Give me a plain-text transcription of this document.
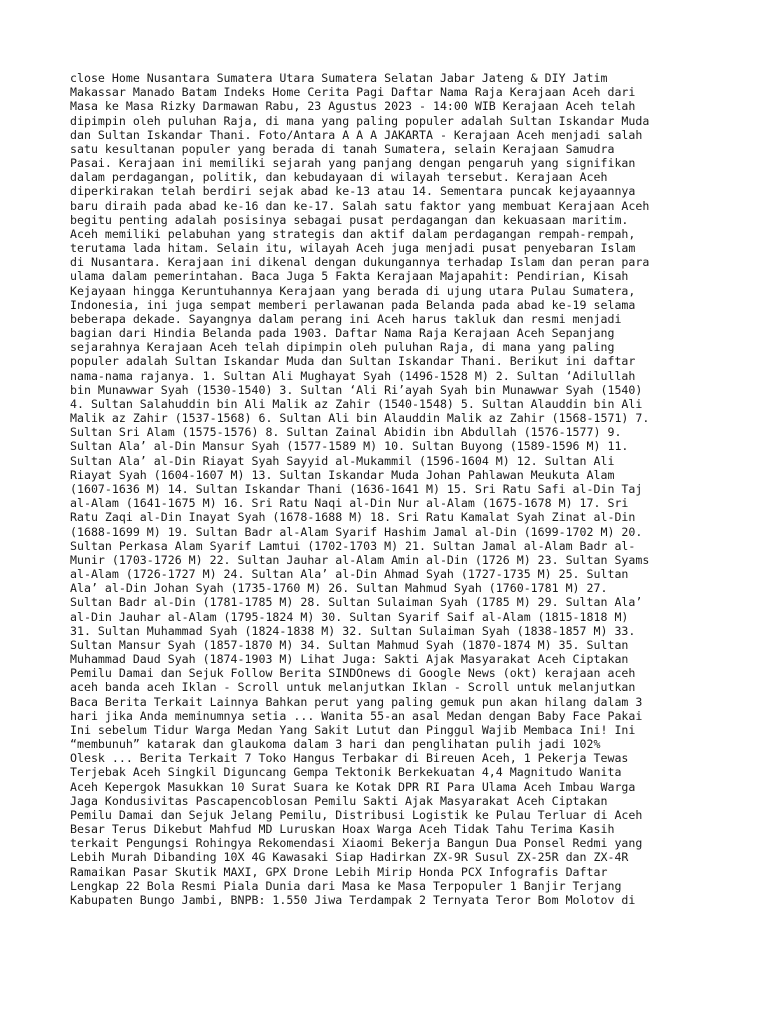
close Home Nusantara Sumatera Utara Sumatera Selatan Jabar Jateng & DIY Jatim
Makassar Manado Batam Indeks Home Cerita Pagi Daftar Nama Raja Kerajaan Aceh dari
Masa ke Masa Rizky Darmawan Rabu, 23 Agustus 2023 - 14:00 WIB Kerajaan Aceh telah
dipimpin oleh puluhan Raja, di mana yang paling populer adalah Sultan Iskandar Muda
dan Sultan Iskandar Thani. Foto/Antara A A A JAKARTA - Kerajaan Aceh menjadi salah
satu kesultanan populer yang berada di tanah Sumatera, selain Kerajaan Samudra
Pasai. Kerajaan ini memiliki sejarah yang panjang dengan pengaruh yang signifikan
dalam perdagangan, politik, dan kebudayaan di wilayah tersebut. Kerajaan Aceh
diperkirakan telah berdiri sejak abad ke-13 atau 14. Sementara puncak kejayaannya
baru diraih pada abad ke-16 dan ke-17. Salah satu faktor yang membuat Kerajaan Aceh
begitu penting adalah posisinya sebagai pusat perdagangan dan kekuasaan maritim.
Aceh memiliki pelabuhan yang strategis dan aktif dalam perdagangan rempah-rempah,
terutama lada hitam. Selain itu, wilayah Aceh juga menjadi pusat penyebaran Islam
di Nusantara. Kerajaan ini dikenal dengan dukungannya terhadap Islam dan peran para
ulama dalam pemerintahan. Baca Juga 5 Fakta Kerajaan Majapahit: Pendirian, Kisah
Kejayaan hingga Keruntuhannya Kerajaan yang berada di ujung utara Pulau Sumatera,
Indonesia, ini juga sempat memberi perlawanan pada Belanda pada abad ke-19 selama
beberapa dekade. Sayangnya dalam perang ini Aceh harus takluk dan resmi menjadi
bagian dari Hindia Belanda pada 1903. Daftar Nama Raja Kerajaan Aceh Sepanjang
sejarahnya Kerajaan Aceh telah dipimpin oleh puluhan Raja, di mana yang paling
populer adalah Sultan Iskandar Muda dan Sultan Iskandar Thani. Berikut ini daftar
nama-nama rajanya. 1. Sultan Ali Mughayat Syah (1496-1528 M) 2. Sultan ‘Adilullah
bin Munawwar Syah (1530-1540) 3. Sultan ‘Ali Ri’ayah Syah bin Munawwar Syah (1540)
4. Sultan Salahuddin bin Ali Malik az Zahir (1540-1548) 5. Sultan Alauddin bin Ali
Malik az Zahir (1537-1568) 6. Sultan Ali bin Alauddin Malik az Zahir (1568-1571) 7.
Sultan Sri Alam (1575-1576) 8. Sultan Zainal Abidin ibn Abdullah (1576-1577) 9.
Sultan Ala’ al-Din Mansur Syah (1577-1589 M) 10. Sultan Buyong (1589-1596 M) 11.
Sultan Ala’ al-Din Riayat Syah Sayyid al-Mukammil (1596-1604 M) 12. Sultan Ali
Riayat Syah (1604-1607 M) 13. Sultan Iskandar Muda Johan Pahlawan Meukuta Alam
(1607-1636 M) 14. Sultan Iskandar Thani (1636-1641 M) 15. Sri Ratu Safi al-Din Taj
al-Alam (1641-1675 M) 16. Sri Ratu Naqi al-Din Nur al-Alam (1675-1678 M) 17. Sri
Ratu Zaqi al-Din Inayat Syah (1678-1688 M) 18. Sri Ratu Kamalat Syah Zinat al-Din
(1688-1699 M) 19. Sultan Badr al-Alam Syarif Hashim Jamal al-Din (1699-1702 M) 20.
Sultan Perkasa Alam Syarif Lamtui (1702-1703 M) 21. Sultan Jamal al-Alam Badr al-
Munir (1703-1726 M) 22. Sultan Jauhar al-Alam Amin al-Din (1726 M) 23. Sultan Syams
al-Alam (1726-1727 M) 24. Sultan Ala’ al-Din Ahmad Syah (1727-1735 M) 25. Sultan
Ala’ al-Din Johan Syah (1735-1760 M) 26. Sultan Mahmud Syah (1760-1781 M) 27.
Sultan Badr al-Din (1781-1785 M) 28. Sultan Sulaiman Syah (1785 M) 29. Sultan Ala’
al-Din Jauhar al-Alam (1795-1824 M) 30. Sultan Syarif Saif al-Alam (1815-1818 M)
31. Sultan Muhammad Syah (1824-1838 M) 32. Sultan Sulaiman Syah (1838-1857 M) 33.
Sultan Mansur Syah (1857-1870 M) 34. Sultan Mahmud Syah (1870-1874 M) 35. Sultan
Muhammad Daud Syah (1874-1903 M) Lihat Juga: Sakti Ajak Masyarakat Aceh Ciptakan
Pemilu Damai dan Sejuk Follow Berita SINDOnews di Google News (okt) kerajaan aceh
aceh banda aceh Iklan - Scroll untuk melanjutkan Iklan - Scroll untuk melanjutkan
Baca Berita Terkait Lainnya Bahkan perut yang paling gemuk pun akan hilang dalam 3
hari jika Anda meminumnya setia ... Wanita 55-an asal Medan dengan Baby Face Pakai
Ini sebelum Tidur Warga Medan Yang Sakit Lutut dan Pinggul Wajib Membaca Ini! Ini
“membunuh” katarak dan glaukoma dalam 3 hari dan penglihatan pulih jadi 102%
Olesk ... Berita Terkait 7 Toko Hangus Terbakar di Bireuen Aceh, 1 Pekerja Tewas
Terjebak Aceh Singkil Diguncang Gempa Tektonik Berkekuatan 4,4 Magnitudo Wanita
Aceh Kepergok Masukkan 10 Surat Suara ke Kotak DPR RI Para Ulama Aceh Imbau Warga
Jaga Kondusivitas Pascapencoblosan Pemilu Sakti Ajak Masyarakat Aceh Ciptakan
Pemilu Damai dan Sejuk Jelang Pemilu, Distribusi Logistik ke Pulau Terluar di Aceh
Besar Terus Dikebut Mahfud MD Luruskan Hoax Warga Aceh Tidak Tahu Terima Kasih
terkait Pengungsi Rohingya Rekomendasi Xiaomi Bekerja Bangun Dua Ponsel Redmi yang
Lebih Murah Dibanding 10X 4G Kawasaki Siap Hadirkan ZX-9R Susul ZX-25R dan ZX-4R
Ramaikan Pasar Skutik MAXI, GPX Drone Lebih Mirip Honda PCX Infografis Daftar
Lengkap 22 Bola Resmi Piala Dunia dari Masa ke Masa Terpopuler 1 Banjir Terjang
Kabupaten Bungo Jambi, BNPB: 1.550 Jiwa Terdampak 2 Ternyata Teror Bom Molotov di
